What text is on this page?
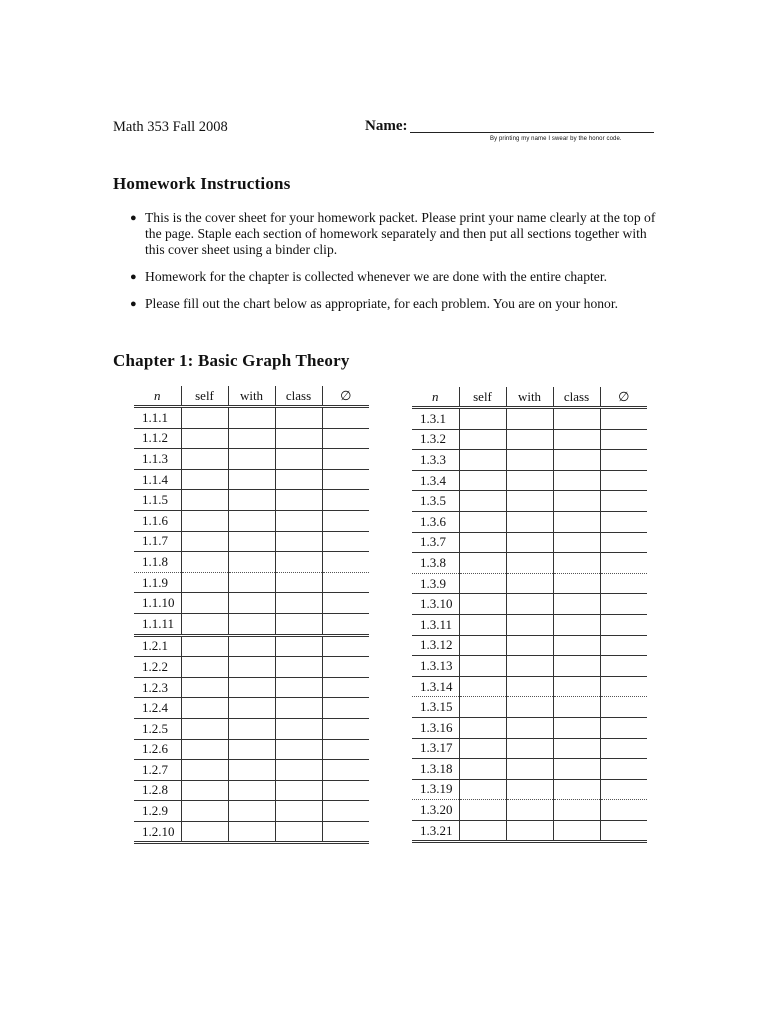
Math 353 Fall 2008	Name:
By printing my name I swear by the honor code.
Homework Instructions
● This is the cover sheet for your homework packet. Please print your name clearly at the top of the page. Staple each section of homework separately and then put all sections together with this cover sheet using a binder clip.
● Homework for the chapter is collected whenever we are done with the entire chapter.
● Please fill out the chart below as appropriate, for each problem. You are on your honor.
Chapter 1: Basic Graph Theory
n	self	with	class	∅
1.1.1				
1.1.2				
1.1.3				
1.1.4				
1.1.5				
1.1.6				
1.1.7				
1.1.8				
1.1.9				
1.1.10				
1.1.11				
1.2.1				
1.2.2				
1.2.3				
1.2.4				
1.2.5				
1.2.6				
1.2.7				
1.2.8				
1.2.9				
1.2.10				
n	self	with	class	∅
1.3.1				
1.3.2				
1.3.3				
1.3.4				
1.3.5				
1.3.6				
1.3.7				
1.3.8				
1.3.9				
1.3.10				
1.3.11				
1.3.12				
1.3.13				
1.3.14				
1.3.15				
1.3.16				
1.3.17				
1.3.18				
1.3.19				
1.3.20				
1.3.21				
